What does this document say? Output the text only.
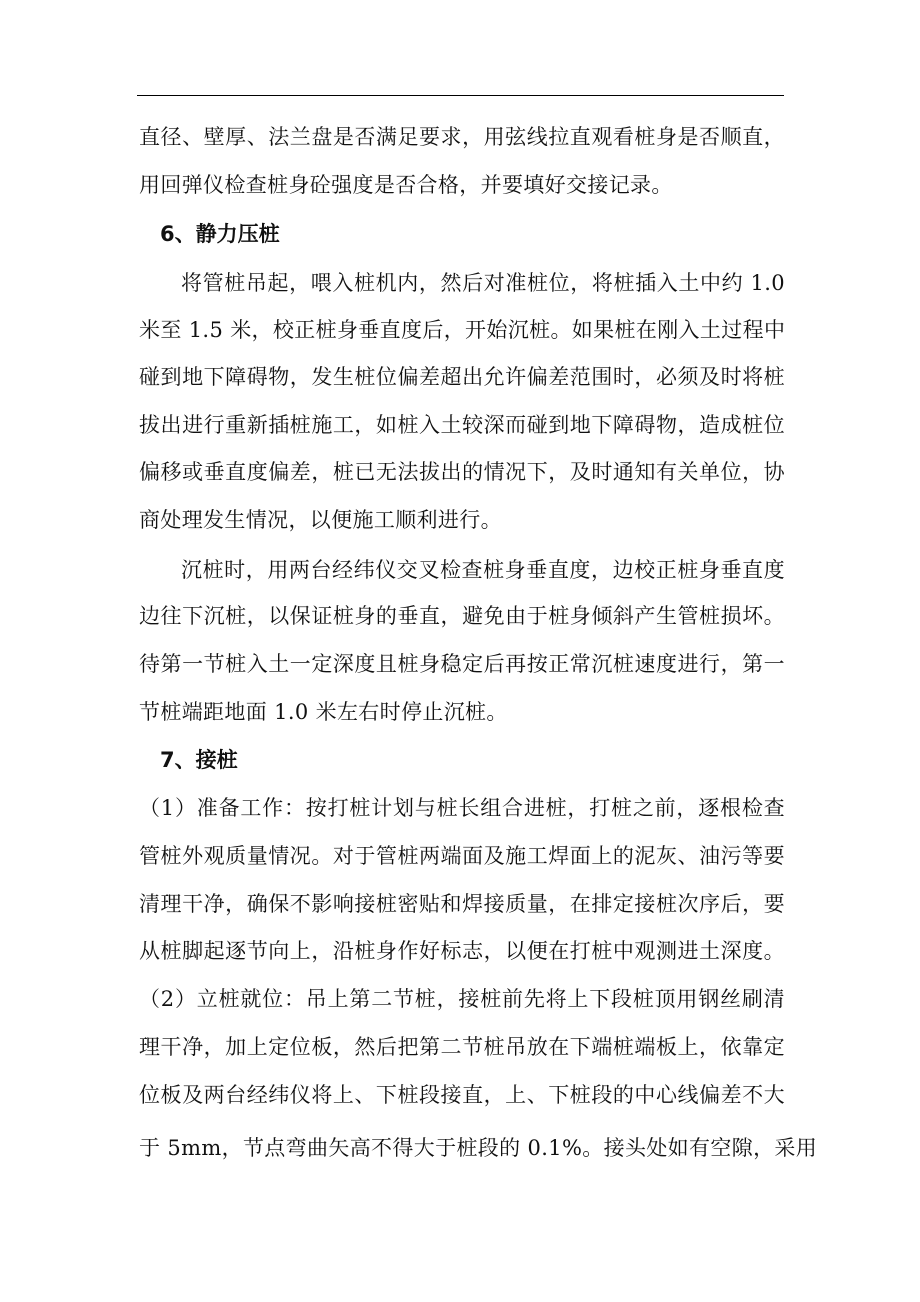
直径、壁厚、法兰盘是否满足要求，用弦线拉直观看桩身是否顺直，
用回弹仪检查桩身砼强度是否合格，并要填好交接记录。
6、静力压桩
将管桩吊起，喂入桩机内，然后对准桩位，将桩插入土中约 1.0
米至 1.5 米，校正桩身垂直度后，开始沉桩。如果桩在刚入土过程中
碰到地下障碍物，发生桩位偏差超出允许偏差范围时，必须及时将桩
拔出进行重新插桩施工，如桩入土较深而碰到地下障碍物，造成桩位
偏移或垂直度偏差，桩已无法拔出的情况下，及时通知有关单位，协
商处理发生情况，以便施工顺利进行。
沉桩时，用两台经纬仪交叉检查桩身垂直度，边校正桩身垂直度
边往下沉桩，以保证桩身的垂直，避免由于桩身倾斜产生管桩损坏。
待第一节桩入土一定深度且桩身稳定后再按正常沉桩速度进行，第一
节桩端距地面 1.0 米左右时停止沉桩。
7、接桩
（1）准备工作：按打桩计划与桩长组合进桩，打桩之前，逐根检查
管桩外观质量情况。对于管桩两端面及施工焊面上的泥灰、油污等要
清理干净，确保不影响接桩密贴和焊接质量，在排定接桩次序后，要
从桩脚起逐节向上，沿桩身作好标志，以便在打桩中观测进土深度。
（2）立桩就位：吊上第二节桩，接桩前先将上下段桩顶用钢丝刷清
理干净，加上定位板，然后把第二节桩吊放在下端桩端板上，依靠定
位板及两台经纬仪将上、下桩段接直，上、下桩段的中心线偏差不大
于 5mm，节点弯曲矢高不得大于桩段的 0.1%。接头处如有空隙，采用
